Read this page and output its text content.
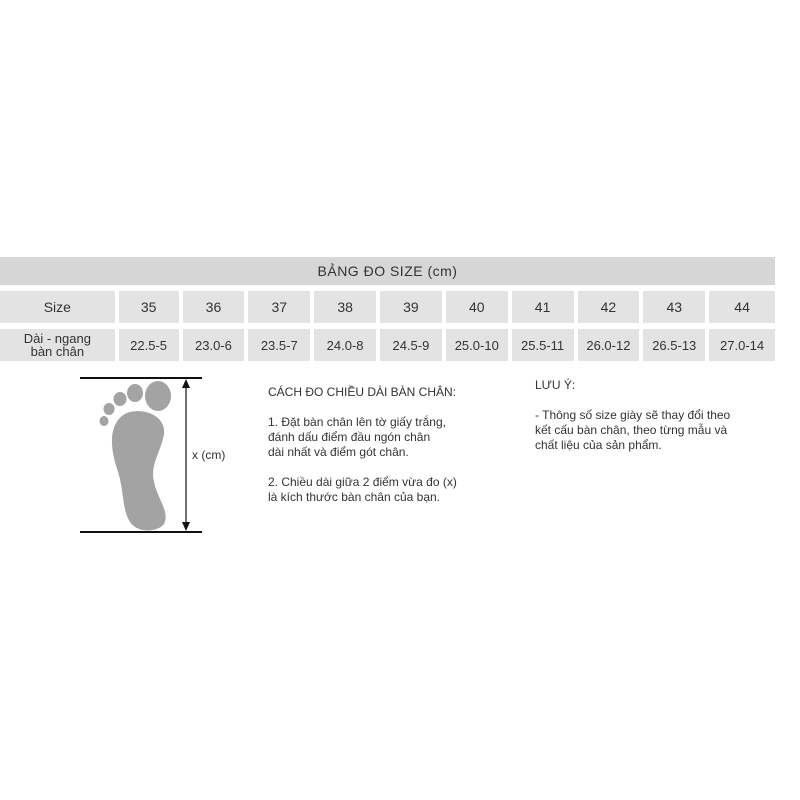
BẢNG ĐO SIZE (cm)
Size	35	36	37	38	39	40	41	42	43	44
Dài - ngang
bàn chân	22.5-5	23.0-6	23.5-7	24.0-8	24.5-9	25.0-10	25.5-11	26.0-12	26.5-13	27.0-14
x (cm)

CÁCH ĐO CHIỀU DÀI BÀN CHÂN:

1. Đặt bàn chân lên tờ giấy trắng,

đánh dấu điểm đầu ngón chân

dài nhất và điểm gót chân.

2. Chiều dài giữa 2 điểm vừa đo (x)

là kích thước bàn chân của bạn.

LƯU Ý:

- Thông số size giày sẽ thay đổi theo

kết cấu bàn chân, theo từng mẫu và

chất liệu của sản phẩm.
